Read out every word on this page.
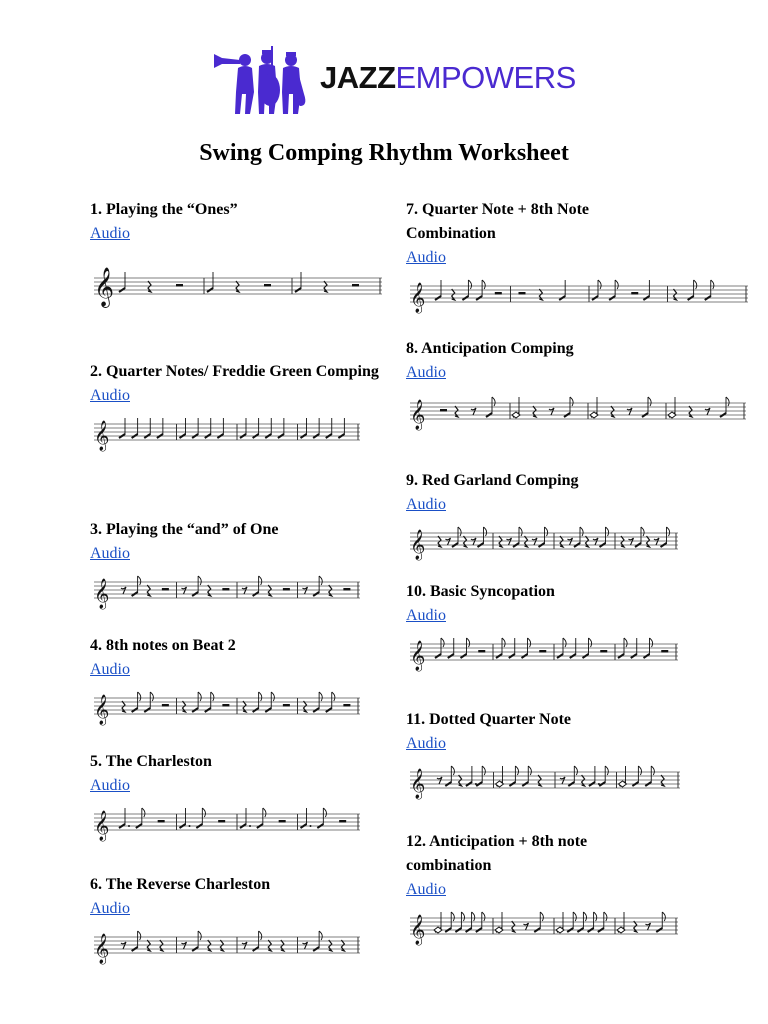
JAZZEMPOWERS
Swing Comping Rhythm Worksheet
1. Playing the “Ones”
Audio
𝄞
2. Quarter Notes/ Freddie Green Comping
Audio
𝄞
3. Playing the “and” of One
Audio
𝄞
4. 8th notes on Beat 2
Audio
𝄞
5. The Charleston
Audio
𝄞
6. The Reverse Charleston
Audio
𝄞
7. Quarter Note + 8th Note Combination
Audio
𝄞
8. Anticipation Comping
Audio
𝄞
9. Red Garland Comping
Audio
𝄞
10. Basic Syncopation
Audio
𝄞
11. Dotted Quarter Note
Audio
𝄞
12. Anticipation + 8th note combination
Audio
𝄞
